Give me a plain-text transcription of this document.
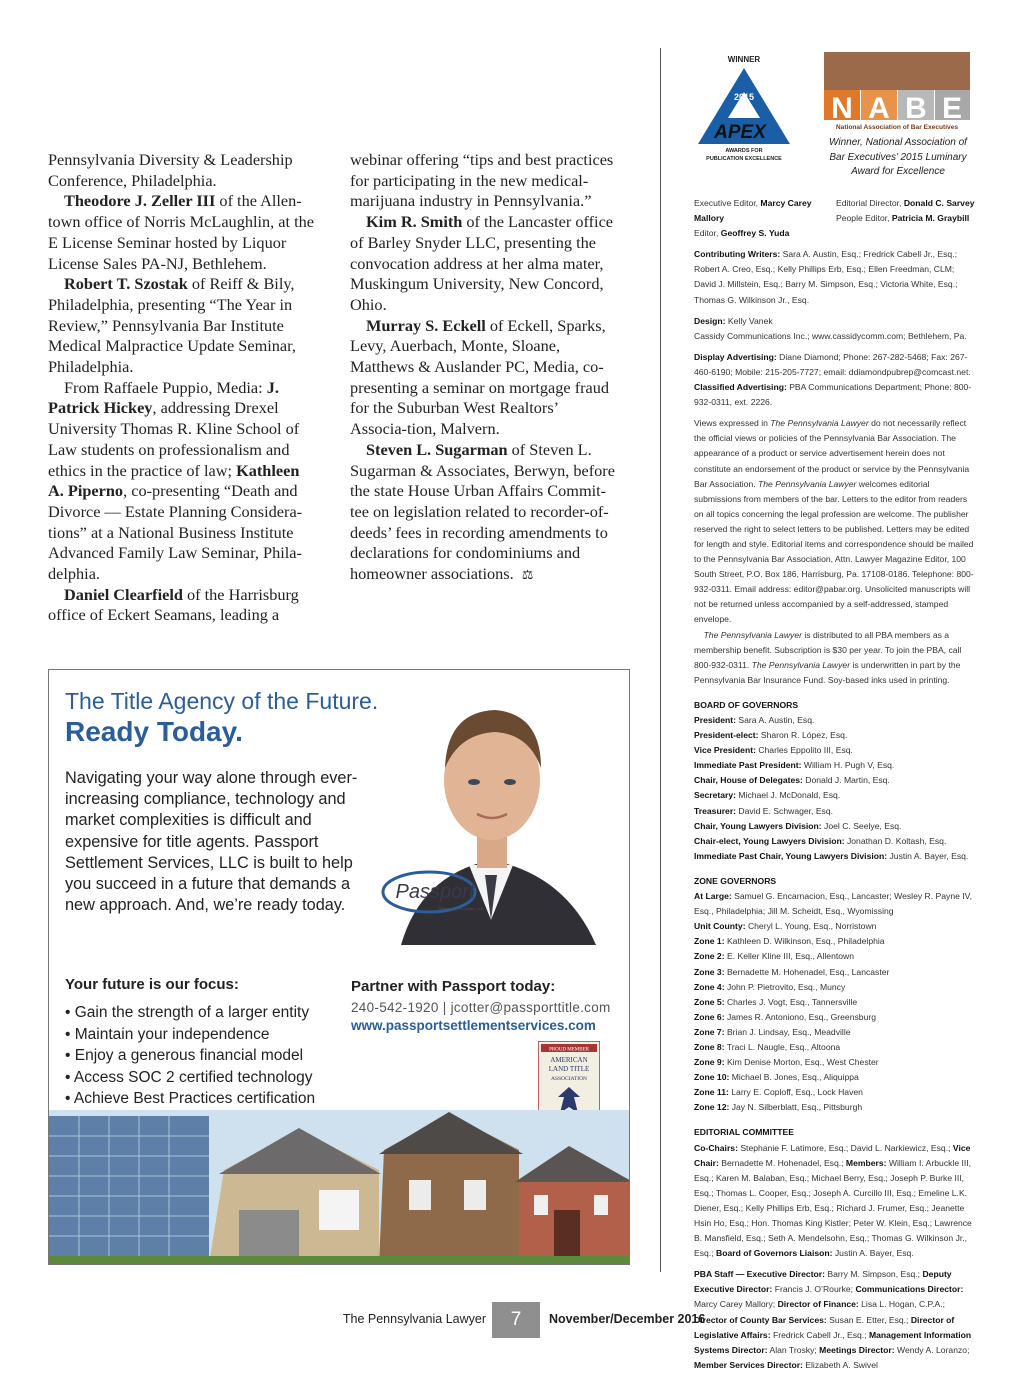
Pennsylvania Diversity & Leadership Conference, Philadelphia.

Theodore J. Zeller III of the Allen-town office of Norris McLaughlin, at the E License Seminar hosted by Liquor License Sales PA-NJ, Bethlehem.

Robert T. Szostak of Reiff & Bily, Philadelphia, presenting “The Year in Review,” Pennsylvania Bar Institute Medical Malpractice Update Seminar, Philadelphia.

From Raffaele Puppio, Media: J. Patrick Hickey, addressing Drexel University Thomas R. Kline School of Law students on professionalism and ethics in the practice of law; Kathleen A. Piperno, co-presenting “Death and Divorce — Estate Planning Considera-tions” at a National Business Institute Advanced Family Law Seminar, Phila-delphia.

Daniel Clearfield of the Harrisburg office of Eckert Seamans, leading a

webinar offering “tips and best practices for participating in the new medical-marijuana industry in Pennsylvania.”

Kim R. Smith of the Lancaster office of Barley Snyder LLC, presenting the convocation address at her alma mater, Muskingum University, New Concord, Ohio.

Murray S. Eckell of Eckell, Sparks, Levy, Auerbach, Monte, Sloane, Matthews & Auslander PC, Media, co-presenting a seminar on mortgage fraud for the Suburban West Realtors’ Associa-tion, Malvern.

Steven L. Sugarman of Steven L. Sugarman & Associates, Berwyn, before the state House Urban Affairs Commit-tee on legislation related to recorder-of-deeds’ fees in recording amendments to declarations for condominiums and homeowner associations. ⚖

WINNER
2015
APEX
AWARDS FOR
PUBLICATION EXCELLENCE
N A B E
National Association of Bar Executives
Winner, National Association of Bar Executives’ 2015 Luminary Award for Excellence
Executive Editor, Marcy Carey Mallory
Editor, Geoffrey S. Yuda
Editorial Director, Donald C. Sarvey
People Editor, Patricia M. Graybill
Contributing Writers: Sara A. Austin, Esq.; Fredrick Cabell Jr., Esq.; Robert A. Creo, Esq.; Kelly Phillips Erb, Esq.; Ellen Freedman, CLM; David J. Millstein, Esq.; Barry M. Simpson, Esq.; Victoria White, Esq.; Thomas G. Wilkinson Jr., Esq.
Design: Kelly Vanek
Cassidy Communications Inc.; www.cassidycomm.com; Bethlehem, Pa.
Display Advertising: Diane Diamond; Phone: 267-282-5468; Fax: 267-460-6190; Mobile: 215-205-7727; email: ddiamondpubrep@comcast.net.
Classified Advertising: PBA Communications Department; Phone: 800-932-0311, ext. 2226.
Views expressed in The Pennsylvania Lawyer do not necessarily reflect the official views or policies of the Pennsylvania Bar Association. The appearance of a product or service advertisement herein does not constitute an endorsement of the product or service by the Pennsylvania Bar Association. The Pennsylvania Lawyer welcomes editorial submissions from members of the bar. Letters to the editor from readers on all topics concerning the legal profession are welcome. The publisher reserved the right to select letters to be published. Letters may be edited for length and style. Editorial items and correspondence should be mailed to the Pennsylvania Bar Association, Attn. Lawyer Magazine Editor, 100 South Street, P.O. Box 186, Harrisburg, Pa. 17108-0186. Telephone: 800-932-0311. Email address: editor@pabar.org. Unsolicited manuscripts will not be returned unless accompanied by a self-addressed, stamped envelope.
The Pennsylvania Lawyer is distributed to all PBA members as a membership benefit. Subscription is $30 per year. To join the PBA, call 800-932-0311. The Pennsylvania Lawyer is underwritten in part by the Pennsylvania Bar Insurance Fund. Soy-based inks used in printing.
BOARD OF GOVERNORS
President: Sara A. Austin, Esq.
President-elect: Sharon R. López, Esq.
Vice President: Charles Eppolito III, Esq.
Immediate Past President: William H. Pugh V, Esq.
Chair, House of Delegates: Donald J. Martin, Esq.
Secretary: Michael J. McDonald, Esq.
Treasurer: David E. Schwager, Esq.
Chair, Young Lawyers Division: Joel C. Seelye, Esq.
Chair-elect, Young Lawyers Division: Jonathan D. Koltash, Esq.
Immediate Past Chair, Young Lawyers Division: Justin A. Bayer, Esq.
ZONE GOVERNORS
At Large: Samuel G. Encarnacion, Esq., Lancaster; Wesley R. Payne IV, Esq., Philadelphia; Jill M. Scheidt, Esq., Wyomissing
Unit County: Cheryl L. Young, Esq., Norristown
Zone 1: Kathleen D. Wilkinson, Esq., Philadelphia
Zone 2: E. Keller Kline III, Esq., Allentown
Zone 3: Bernadette M. Hohenadel, Esq., Lancaster
Zone 4: John P. Pietrovito, Esq., Muncy
Zone 5: Charles J. Vogt, Esq., Tannersville
Zone 6: James R. Antoniono, Esq., Greensburg
Zone 7: Brian J. Lindsay, Esq., Meadville
Zone 8: Traci L. Naugle, Esq., Altoona
Zone 9: Kim Denise Morton, Esq., West Chester
Zone 10: Michael B. Jones, Esq., Aliquippa
Zone 11: Larry E. Coploff, Esq., Lock Haven
Zone 12: Jay N. Silberblatt, Esq., Pittsburgh
EDITORIAL COMMITTEE
Co-Chairs: Stephanie F. Latimore, Esq.; David L. Narkiewicz, Esq.; Vice Chair: Bernadette M. Hohenadel, Esq.; Members: William I. Arbuckle III, Esq.; Karen M. Balaban, Esq.; Michael Berry, Esq.; Joseph P. Burke III, Esq.; Thomas L. Cooper, Esq.; Joseph A. Curcillo III, Esq.; Emeline L.K. Diener, Esq.; Kelly Phillips Erb, Esq.; Richard J. Frumer, Esq.; Jeanette Hsin Ho, Esq.; Hon. Thomas King Kistler; Peter W. Klein, Esq.; Lawrence B. Mansfield, Esq.; Seth A. Mendelsohn, Esq.; Thomas G. Wilkinson Jr., Esq.; Board of Governors Liaison: Justin A. Bayer, Esq.
PBA Staff — Executive Director: Barry M. Simpson, Esq.; Deputy Executive Director: Francis J. O’Rourke; Communications Director: Marcy Carey Mallory; Director of Finance: Lisa L. Hogan, C.P.A.; Director of County Bar Services: Susan E. Etter, Esq.; Director of Legislative Affairs: Fredrick Cabell Jr., Esq.; Management Information Systems Director: Alan Trosky; Meetings Director: Wendy A. Loranzo; Member Services Director: Elizabeth A. Swivel
Passport
Settlement Services, LLC
The Title Agency of the Future.
Ready Today.
Navigating your way alone through ever-increasing compliance, technology and market complexities is difficult and expensive for title agents. Passport Settlement Services, LLC is built to help you succeed in a future that demands a new approach. And, we’re ready today.
Your future is our focus:
• Gain the strength of a larger entity
• Maintain your independence
• Enjoy a generous financial model
• Access SOC 2 certified technology
• Achieve Best Practices certification
Partner with Passport today:
240-542-1920 | jcotter@passporttitle.com
www.passportsettlementservices.com
PROUD MEMBER
AMERICAN
LAND TITLE
ASSOCIATION
The Pennsylvania Lawyer	7	November/December 2016
